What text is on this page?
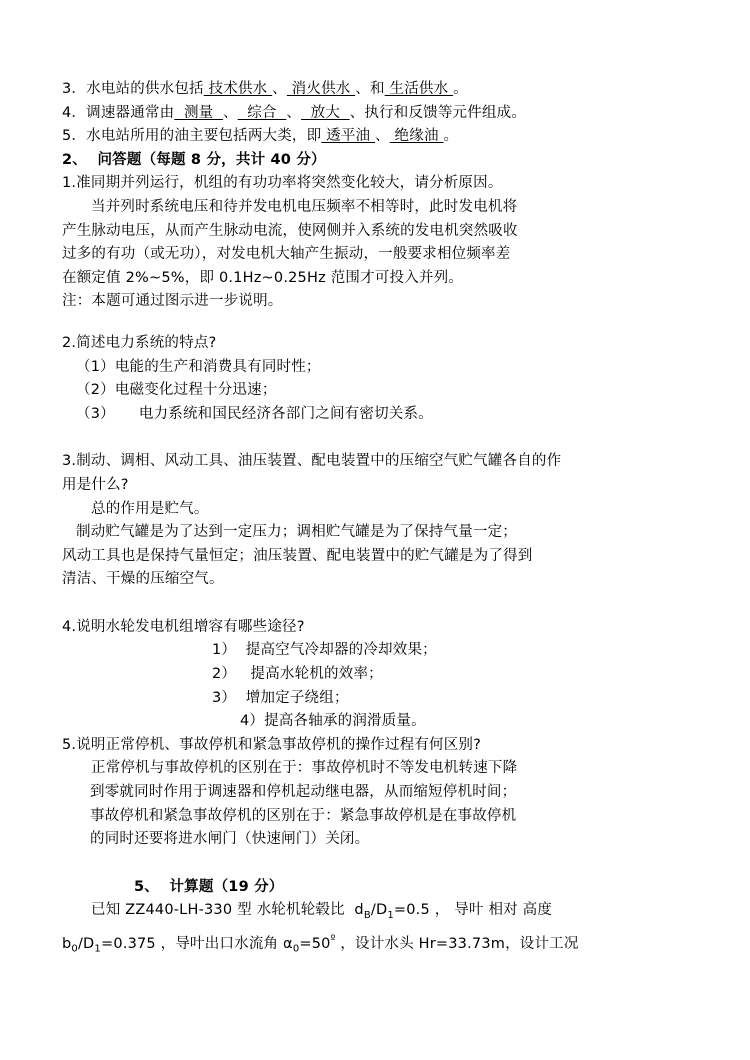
3．水电站的供水包括 技术供水 、 消火供水 、和 生活供水 。
4．调速器通常由  测量  、  综合  、  放大  、执行和反馈等元件组成。
5．水电站所用的油主要包括两大类，即 透平油 、 绝缘油 。
2、  问答题（每题 8 分，共计 40 分）
1.准同期并列运行，机组的有功功率将突然变化较大，请分析原因。
当并列时系统电压和待并发电机电压频率不相等时，此时发电机将
产生脉动电压，从而产生脉动电流，使网侧并入系统的发电机突然吸收
过多的有功（或无功），对发电机大轴产生振动，一般要求相位频率差
在额定值 2%~5%，即 0.1Hz~0.25Hz 范围才可投入并列。
注：本题可通过图示进一步说明。
2.简述电力系统的特点?
（1）电能的生产和消费具有同时性；
（2）电磁变化过程十分迅速；
（3）     电力系统和国民经济各部门之间有密切关系。
3.制动、调相、风动工具、油压装置、配电装置中的压缩空气贮气罐各自的作
用是什么?
总的作用是贮气。
制动贮气罐是为了达到一定压力；调相贮气罐是为了保持气量一定；
风动工具也是保持气量恒定；油压装置、配电装置中的贮气罐是为了得到
清洁、干燥的压缩空气。
4.说明水轮发电机组增容有哪些途径?
1）  提高空气冷却器的冷却效果；
2）   提高水轮机的效率；
3）  增加定子绕组；
4）提高各轴承的润滑质量。
5.说明正常停机、事故停机和紧急事故停机的操作过程有何区别?
正常停机与事故停机的区别在于：事故停机时不等发电机转速下降
到零就同时作用于调速器和停机起动继电器，从而缩短停机时间；
事故停机和紧急事故停机的区别在于：紧急事故停机是在事故停机
的同时还要将进水闸门（快速闸门）关闭。
5、  计算题（19 分）
已知 ZZ440-LH-330 型 水轮机轮毂比  $d_B/D_1=0.5$ ， 导叶 相对 高度
$b_0/D_1=0.375$ ，导叶出口水流角 $\alpha_0=50^º$ ，设计水头 Hr=33.73m，设计工况
